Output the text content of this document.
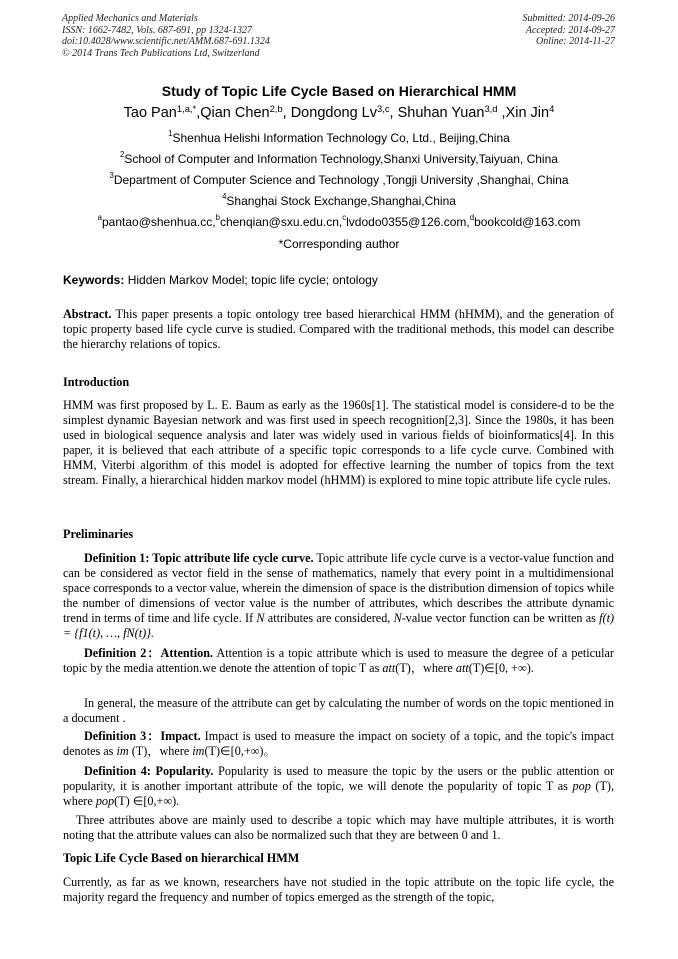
Applied Mechanics and Materials
ISSN: 1662-7482, Vols. 687-691, pp 1324-1327
doi:10.4028/www.scientific.net/AMM.687-691.1324
© 2014 Trans Tech Publications Ltd, Switzerland
Submitted: 2014-09-26
Accepted: 2014-09-27
Online: 2014-11-27
Study of Topic Life Cycle Based on Hierarchical HMM
Tao Pan$^{1,a,*}$,Qian Chen$^{2,b}$, Dongdong Lv$^{3,c}$, Shuhan Yuan$^{3,d}$ ,Xin Jin$^4$
$^1$Shenhua Helishi Information Technology Co, Ltd., Beijing,China
$^2$School of Computer and Information Technology,Shanxi University,Taiyuan, China
$^3$Department of Computer Science and Technology ,Tongji University ,Shanghai, China
$^4$Shanghai Stock Exchange,Shanghai,China
$^a$pantao@shenhua.cc,$^b$chenqian@sxu.edu.cn,$^c$lvdodo0355@126.com,$^d$bookcold@163.com
*Corresponding author
Keywords: Hidden Markov Model; topic life cycle; ontology
Abstract. This paper presents a topic ontology tree based hierarchical HMM (hHMM), and the generation of topic property based life cycle curve is studied. Compared with the traditional methods, this model can describe the hierarchy relations of topics.
Introduction
HMM was first proposed by L. E. Baum as early as the 1960s[1]. The statistical model is considere-d to be the simplest dynamic Bayesian network and was first used in speech recognition[2,3]. Since the 1980s, it has been used in biological sequence analysis and later was widely used in various fields of bioinformatics[4]. In this paper, it is believed that each attribute of a specific topic corresponds to a life cycle curve. Combined with HMM, Viterbi algorithm of this model is adopted for effective learning the number of topics from the text stream. Finally, a hierarchical hidden markov model (hHMM) is explored to mine topic attribute life cycle rules.
Preliminaries
Definition 1: Topic attribute life cycle curve. Topic attribute life cycle curve is a vector-value function and can be considered as vector field in the sense of mathematics, namely that every point in a multidimensional space corresponds to a vector value, wherein the dimension of space is the distribution dimension of topics while the number of dimensions of vector value is the number of attributes, which describes the attribute dynamic trend in terms of time and life cycle. If N attributes are considered, N-value vector function can be written as f(t) = {f1(t), …, fN(t)}.
Definition 2：Attention. Attention is a topic attribute which is used to measure the degree of a peticular topic by the media attention.we denote the attention of topic T as att(T)，where att(T)∈[0, +∞).
In general, the measure of the attribute can get by calculating the number of words on the topic mentioned in a document .
Definition 3：Impact. Impact is used to measure the impact on society of a topic, and the topic's impact denotes as im (T)，where im(T)∈[0,+∞)。
Definition 4: Popularity. Popularity is used to measure the topic by the users or the public attention or popularity, it is another important attribute of the topic, we will denote the popularity of topic T as pop (T), where pop(T) ∈[0,+∞).
Three attributes above are mainly used to describe a topic which may have multiple attributes, it is worth noting that the attribute values can also be normalized such that they are between 0 and 1.
Topic Life Cycle Based on hierarchical HMM
Currently, as far as we known, researchers have not studied in the topic attribute on the topic life cycle, the majority regard the frequency and number of topics emerged as the strength of the topic,
